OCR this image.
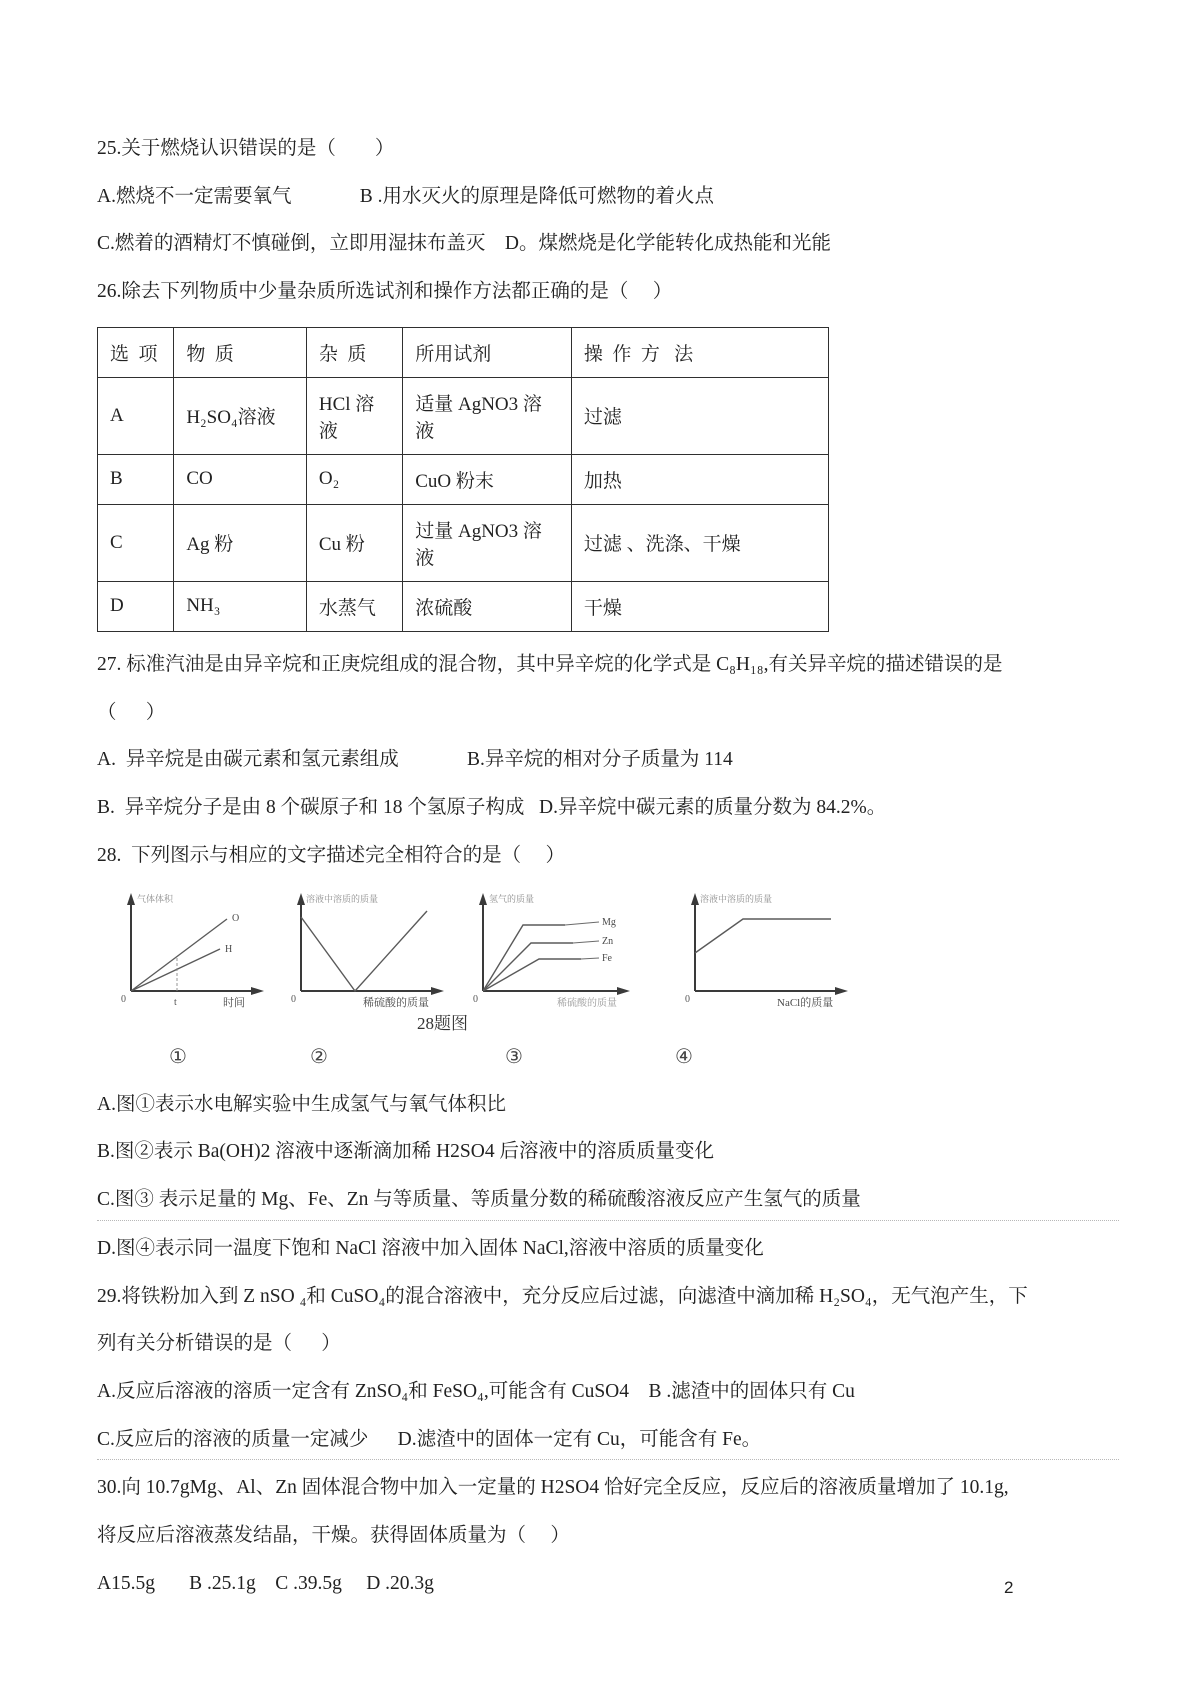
25.关于燃烧认识错误的是（        ）

A.燃烧不一定需要氧气              B .用水灭火的原理是降低可燃物的着火点

C.燃着的酒精灯不慎碰倒，立即用湿抹布盖灭    D。煤燃烧是化学能转化成热能和光能

26.除去下列物质中少量杂质所选试剂和操作方法都正确的是（     ）

选  项	物  质	杂  质	所用试剂	操  作  方   法
A	H₂SO₄溶液	HCl 溶液	适量 AgNO3 溶液	过滤
B	CO	O₂	CuO 粉末	加热
C	Ag 粉	Cu 粉	过量 AgNO3 溶液	过滤 、洗涤、干燥
D	NH₃	水蒸气	浓硫酸	干燥

27. 标准汽油是由异辛烷和正庚烷组成的混合物，其中异辛烷的化学式是 C₈H₁₈,有关异辛烷的描述错误的是

（      ）

A.  异辛烷是由碳元素和氢元素组成              B.异辛烷的相对分子质量为 114

B.  异辛烷分子是由 8 个碳原子和 18 个氢原子构成   D.异辛烷中碳元素的质量分数为 84.2%。

28.  下列图示与相应的文字描述完全相符合的是（     ）

气体体积
O
H
0	t	时间
溶液中溶质的质量
0	稀硫酸的质量
氢气的质量
Mg
Zn
Fe
0	稀硫酸的质量
溶液中溶质的质量
0	NaCl的质量
28题图
①	②	③	④

A.图①表示水电解实验中生成氢气与氧气体积比

B.图②表示 Ba(OH)2 溶液中逐渐滴加稀 H2SO4 后溶液中的溶质质量变化

C.图③ 表示足量的 Mg、Fe、Zn 与等质量、等质量分数的稀硫酸溶液反应产生氢气的质量

D.图④表示同一温度下饱和 NaCl 溶液中加入固体 NaCl,溶液中溶质的质量变化

29.将铁粉加入到 Z nSO ₄和 CuSO₄的混合溶液中，充分反应后过滤，向滤渣中滴加稀 H₂SO₄，无气泡产生，下

列有关分析错误的是（      ）

A.反应后溶液的溶质一定含有 ZnSO₄和 FeSO₄,可能含有 CuSO4    B .滤渣中的固体只有 Cu

C.反应后的溶液的质量一定减少      D.滤渣中的固体一定有 Cu，可能含有 Fe。

30.向 10.7gMg、Al、Zn 固体混合物中加入一定量的 H2SO4 恰好完全反应，反应后的溶液质量增加了 10.1g,

将反应后溶液蒸发结晶，干燥。获得固体质量为（     ）

A15.5g       B .25.1g    C .39.5g     D .20.3g	2
